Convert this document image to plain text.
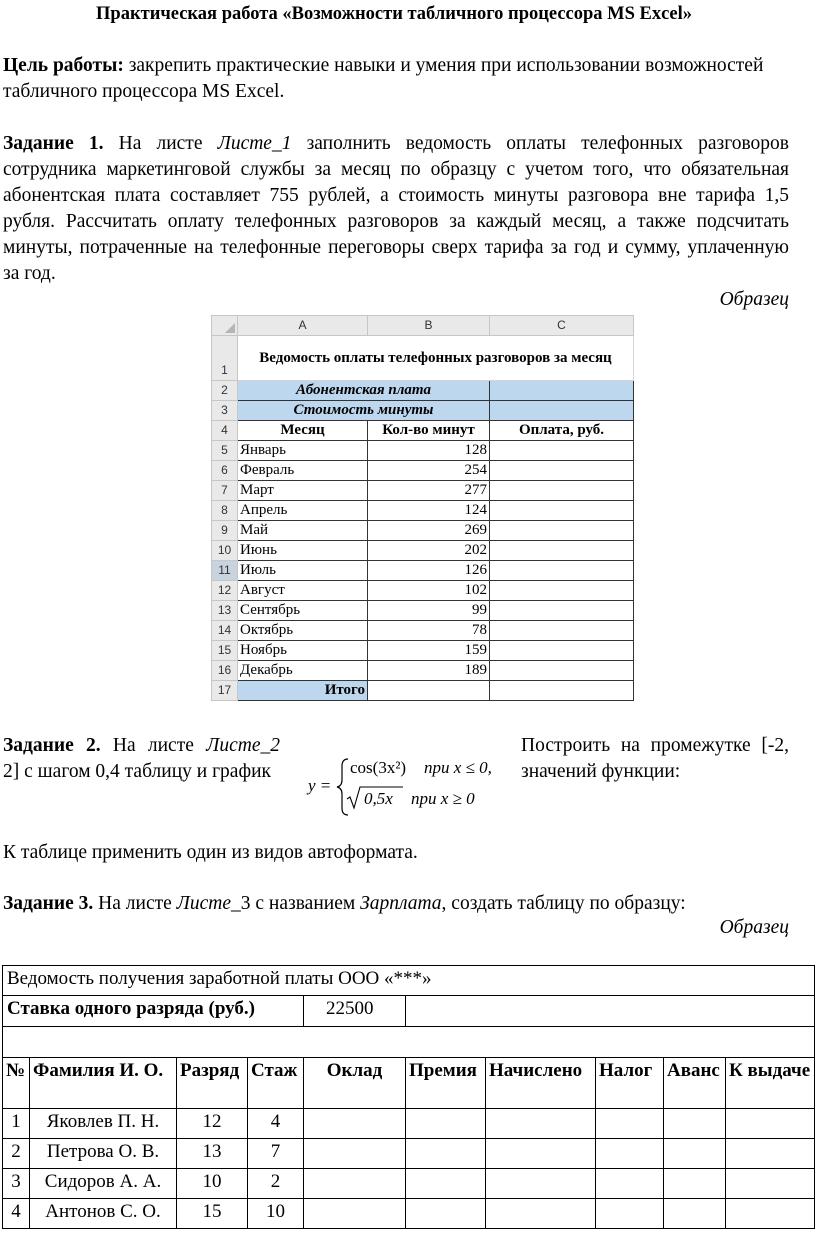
Практическая работа «Возможности табличного процессора MS Excel»

Цель работы: закрепить практические навыки и умения при использовании возможностей
табличного процессора MS Excel.

Задание 1. На листе Листе_1 заполнить ведомость оплаты телефонных разговоров
сотрудника маркетинговой службы за месяц по образцу с учетом того, что обязательная
абонентская плата составляет 755 рублей, а стоимость минуты разговора вне тарифа 1,5
рубля. Рассчитать оплату телефонных разговоров за каждый месяц, а также подсчитать
минуты, потраченные на телефонные переговоры сверх тарифа за год и сумму, уплаченную
за год.
Образец
	A	B	C
1	Ведомость оплаты телефонных разговоров за месяц		
2	Абонентская плата		
3	Стоимость минуты		
4	Месяц	Кол-во минут	Оплата, руб.
5	Январь	128	
6	Февраль	254	
7	Март	277	
8	Апрель	124	
9	Май	269	
10	Июнь	202	
11	Июль	126	
12	Август	102	
13	Сентябрь	99	
14	Октябрь	78	
15	Ноябрь	159	
16	Декабрь	189	
17	Итого		
Задание 2. На листе Листе_2
2] с шагом 0,4 таблицу и график
Построить на промежутке [-2,
значений функции:
y =
cos(3x²) при x ≤ 0,
0,5x при x ≥ 0
К таблице применить один из видов автоформата.
Задание 3. На листе Листе_3 с названием Зарплата, создать таблицу по образцу:
Образец
Ведомость получения заработной платы ООО «***»									
Ставка одного разряда (руб.)				22500					

№	Фамилия И. О.	Разряд	Стаж	Оклад	Премия	Начислено	Налог	Аванс	К выдаче
1	Яковлев П. Н.	12	4						
2	Петрова О. В.	13	7						
3	Сидоров А. А.	10	2						
4	Антонов С. О.	15	10						
